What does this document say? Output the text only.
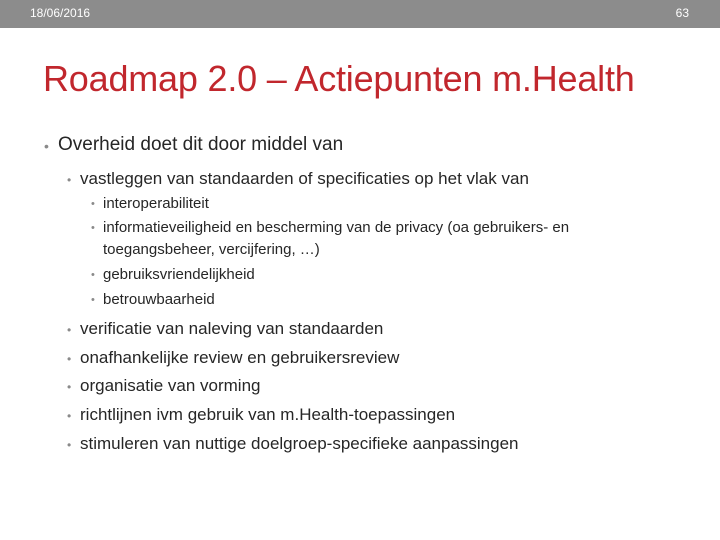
18/06/2016	63
Roadmap 2.0 – Actiepunten m.Health
• Overheid doet dit door middel van
• vastleggen van standaarden of specificaties op het vlak van
• interoperabiliteit
• informatieveiligheid en bescherming van de privacy (oa gebruikers- en
toegangsbeheer, vercijfering, …)
• gebruiksvriendelijkheid
• betrouwbaarheid
• verificatie van naleving van standaarden
• onafhankelijke review en gebruikersreview
• organisatie van vorming
• richtlijnen ivm gebruik van m.Health-toepassingen
• stimuleren van nuttige doelgroep-specifieke aanpassingen
